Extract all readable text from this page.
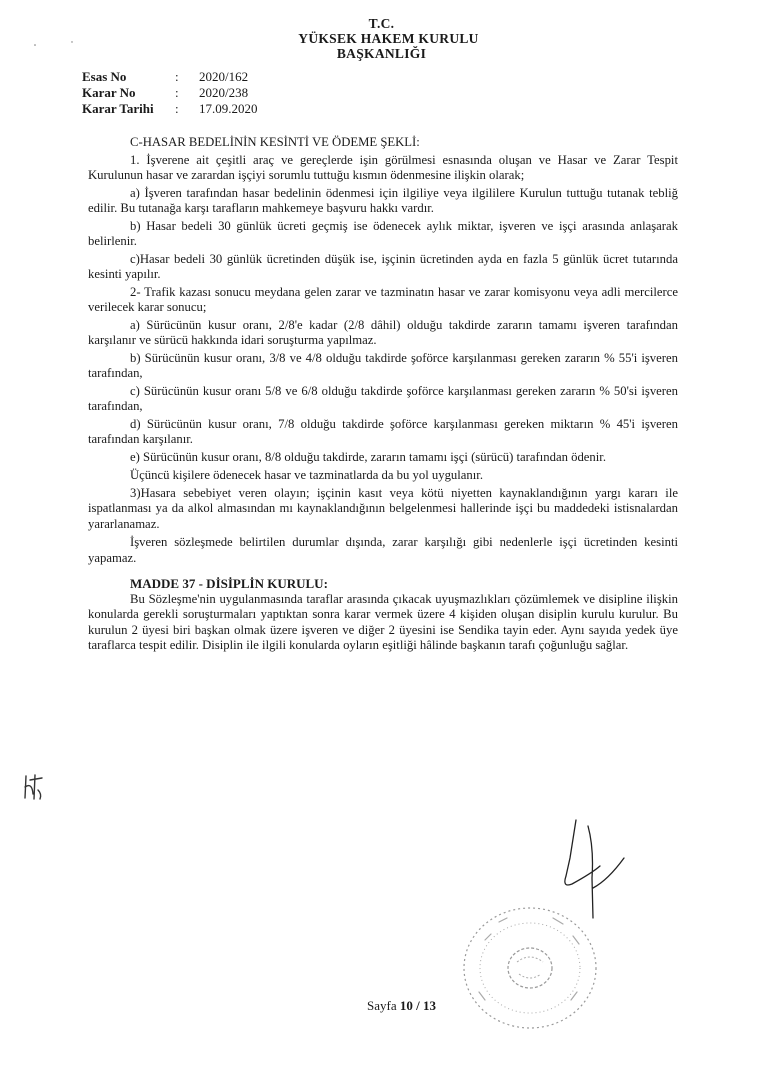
T.C.
YÜKSEK HAKEM KURULU
BAŞKANLIĞI
Esas No	:	2020/162
Karar No	:	2020/238
Karar Tarihi	:	17.09.2020

C-HASAR BEDELİNİN KESİNTİ VE ÖDEME ŞEKLİ:

1. İşverene ait çeşitli araç ve gereçlerde işin görülmesi esnasında oluşan ve Hasar ve Zarar Tespit Kurulunun hasar ve zarardan işçiyi sorumlu tuttuğu kısmın ödenmesine ilişkin olarak;

a) İşveren tarafından hasar bedelinin ödenmesi için ilgiliye veya ilgililere Kurulun tuttuğu tutanak tebliğ edilir. Bu tutanağa karşı tarafların mahkemeye başvuru hakkı vardır.

b) Hasar bedeli 30 günlük ücreti geçmiş ise ödenecek aylık miktar, işveren ve işçi arasında anlaşarak belirlenir.

c)Hasar bedeli 30 günlük ücretinden düşük ise, işçinin ücretinden ayda en fazla 5 günlük ücret tutarında kesinti yapılır.

2- Trafik kazası sonucu meydana gelen zarar ve tazminatın hasar ve zarar komisyonu veya adli mercilerce verilecek karar sonucu;

a) Sürücünün kusur oranı, 2/8'e kadar (2/8 dâhil) olduğu takdirde zararın tamamı işveren tarafından karşılanır ve sürücü hakkında idari soruşturma yapılmaz.

b) Sürücünün kusur oranı, 3/8 ve 4/8 olduğu takdirde şoförce karşılanması gereken zararın % 55'i işveren tarafından,

c) Sürücünün kusur oranı 5/8 ve 6/8 olduğu takdirde şoförce karşılanması gereken zararın % 50'si işveren tarafından,

d) Sürücünün kusur oranı, 7/8 olduğu takdirde şoförce karşılanması gereken miktarın % 45'i işveren tarafından karşılanır.

e) Sürücünün kusur oranı, 8/8 olduğu takdirde, zararın tamamı işçi (sürücü) tarafından ödenir.

Üçüncü kişilere ödenecek hasar ve tazminatlarda da bu yol uygulanır.

3)Hasara sebebiyet veren olayın; işçinin kasıt veya kötü niyetten kaynaklandığının yargı kararı ile ispatlanması ya da alkol almasından mı kaynaklandığının belgelenmesi hallerinde işçi bu maddedeki istisnalardan yararlanamaz.

İşveren sözleşmede belirtilen durumlar dışında, zarar karşılığı gibi nedenlerle işçi ücretinden kesinti yapamaz.

MADDE 37 - DİSİPLİN KURULU:

Bu Sözleşme'nin uygulanmasında taraflar arasında çıkacak uyuşmazlıkları çözümlemek ve disipline ilişkin konularda gerekli soruşturmaları yaptıktan sonra karar vermek üzere 4 kişiden oluşan disiplin kurulu kurulur. Bu kurulun 2 üyesi biri başkan olmak üzere işveren ve diğer 2 üyesini ise Sendika tayin eder. Aynı sayıda yedek üye taraflarca tespit edilir. Disiplin ile ilgili konularda oyların eşitliği hâlinde başkanın tarafı çoğunluğu sağlar.

Sayfa 10 / 13
